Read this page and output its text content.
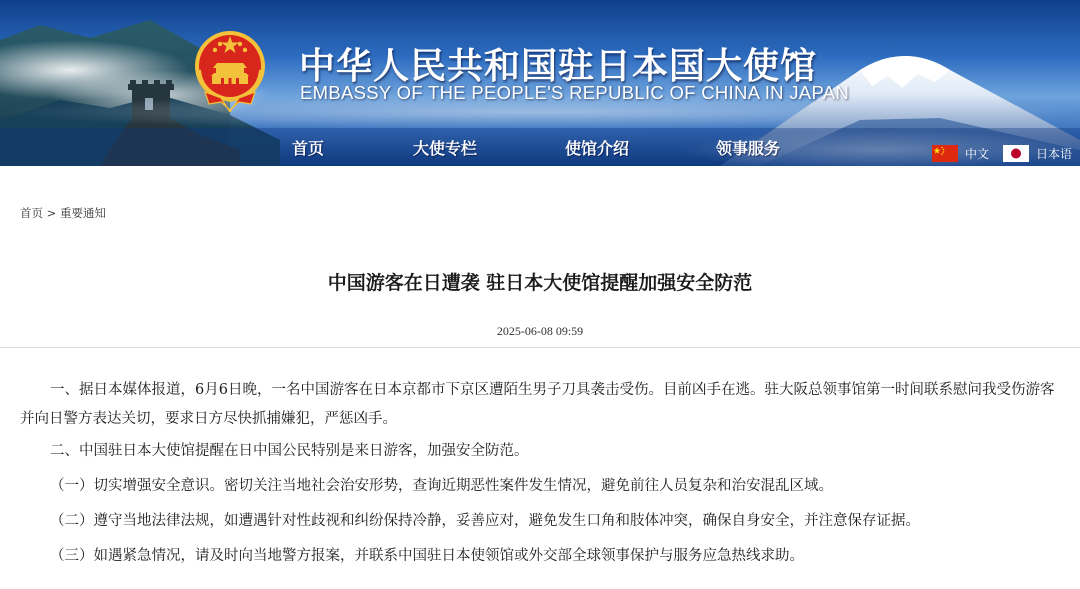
中华人民共和国驻日本国大使馆
EMBASSY OF THE PEOPLE'S REPUBLIC OF CHINA IN JAPAN
首页	大使专栏	使馆介绍	领事服务	中文	日本语
首页 > 重要通知
中国游客在日遭袭 驻日本大使馆提醒加强安全防范
2025-06-08 09:59

一、据日本媒体报道，6月6日晚，一名中国游客在日本京都市下京区遭陌生男子刀具袭击受伤。目前凶手在逃。驻大阪总领事馆第一时间联系慰问我受伤游客并向日警方表达关切，要求日方尽快抓捕嫌犯，严惩凶手。

二、中国驻日本大使馆提醒在日中国公民特别是来日游客，加强安全防范。

（一）切实增强安全意识。密切关注当地社会治安形势，查询近期恶性案件发生情况，避免前往人员复杂和治安混乱区域。

（二）遵守当地法律法规，如遭遇针对性歧视和纠纷保持冷静，妥善应对，避免发生口角和肢体冲突，确保自身安全，并注意保存证据。

（三）如遇紧急情况，请及时向当地警方报案，并联系中国驻日本使领馆或外交部全球领事保护与服务应急热线求助。
